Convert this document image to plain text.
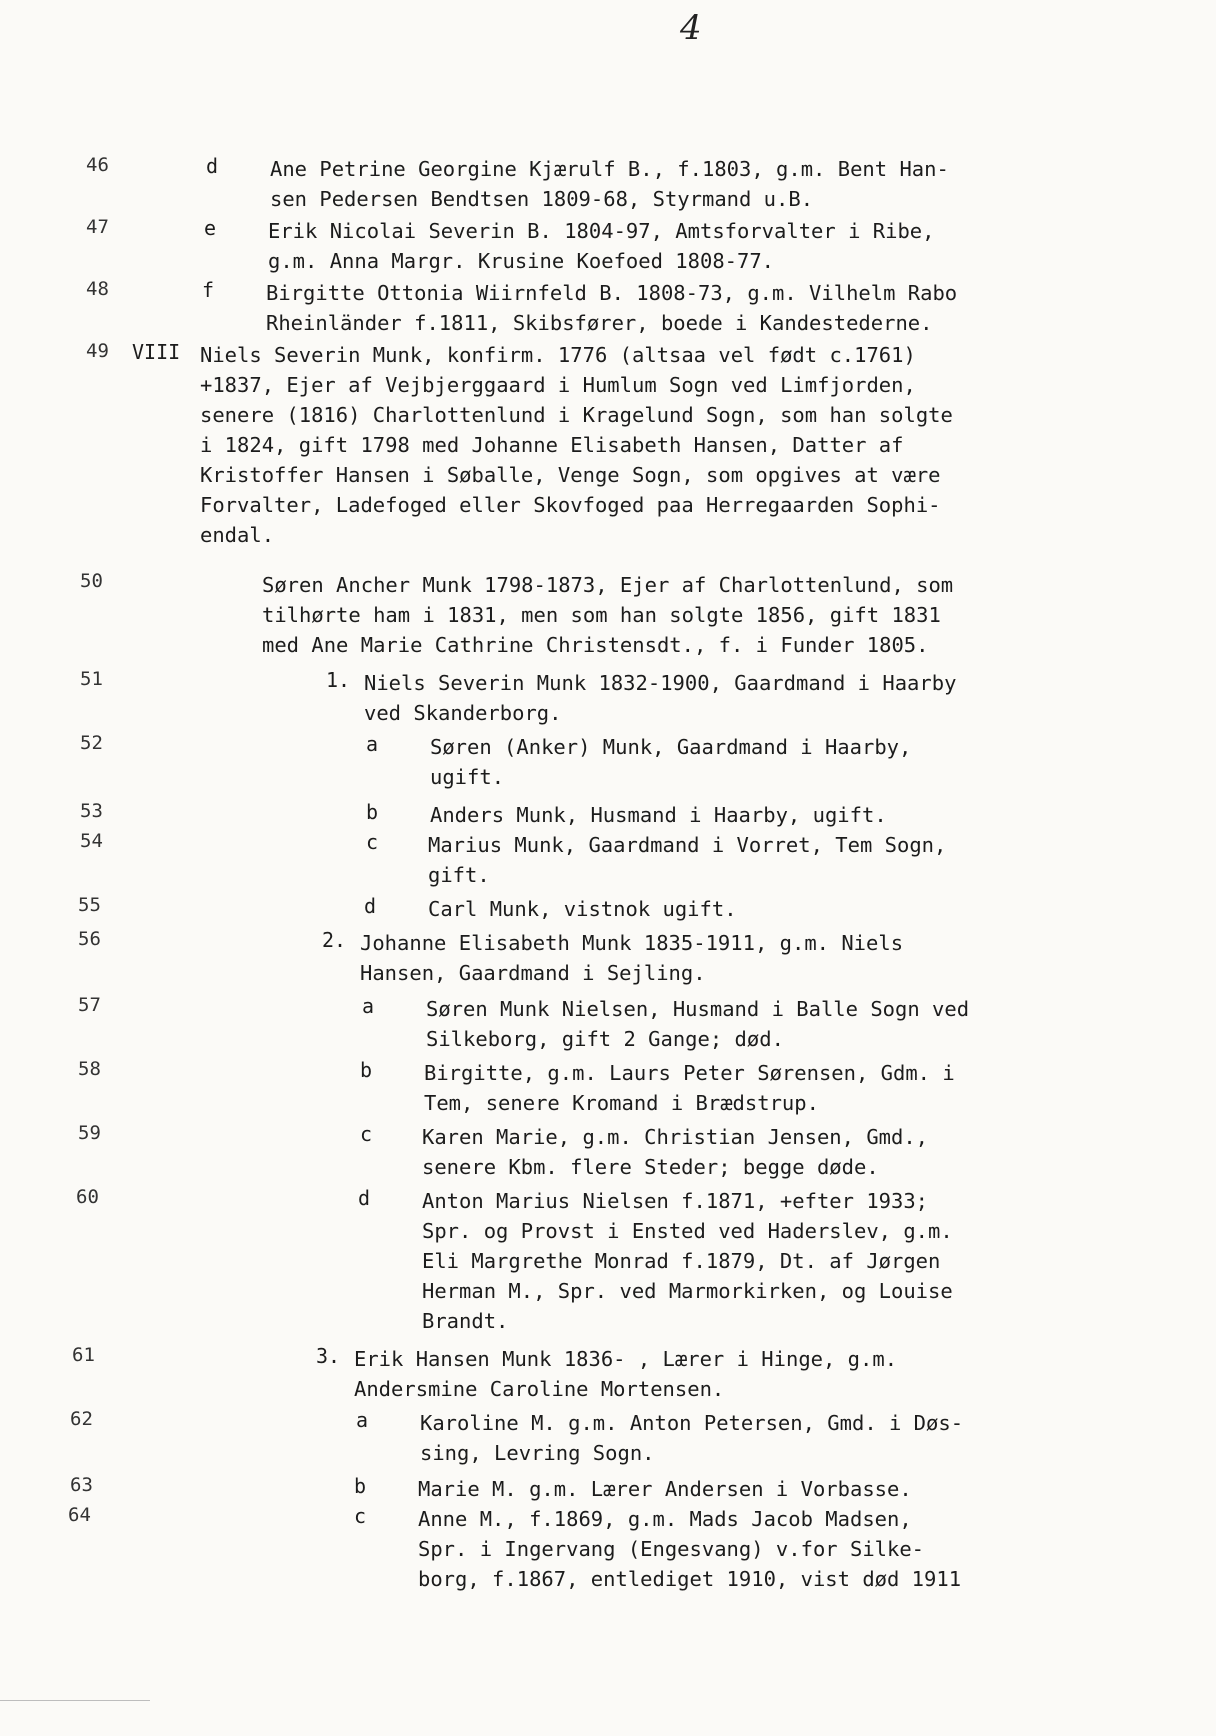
4
46	d	Ane Petrine Georgine Kjærulf B., f.1803, g.m. Bent Han-
sen Pedersen Bendtsen 1809-68, Styrmand u.B.
47	e	Erik Nicolai Severin B. 1804-97, Amtsforvalter i Ribe,
g.m. Anna Margr. Krusine Koefoed 1808-77.
48	f	Birgitte Ottonia Wiirnfeld B. 1808-73, g.m. Vilhelm Rabo
Rheinländer f.1811, Skibsfører, boede i Kandestederne.
49 VIII Niels Severin Munk, konfirm. 1776 (altsaa vel født c.1761)
+1837, Ejer af Vejbjerggaard i Humlum Sogn ved Limfjorden,
senere (1816) Charlottenlund i Kragelund Sogn, som han solgte
i 1824, gift 1798 med Johanne Elisabeth Hansen, Datter af
Kristoffer Hansen i Søballe, Venge Sogn, som opgives at være
Forvalter, Ladefoged eller Skovfoged paa Herregaarden Sophi-
endal.
50	Søren Ancher Munk 1798-1873, Ejer af Charlottenlund, som
tilhørte ham i 1831, men som han solgte 1856, gift 1831
med Ane Marie Cathrine Christensdt., f. i Funder 1805.
51	1. Niels Severin Munk 1832-1900, Gaardmand i Haarby
ved Skanderborg.
52	a	Søren (Anker) Munk, Gaardmand i Haarby,
ugift.
53	b	Anders Munk, Husmand i Haarby, ugift.
54	c Marius Munk, Gaardmand i Vorret, Tem Sogn,
gift.
55	d	Carl Munk, vistnok ugift.
56	2. Johanne Elisabeth Munk 1835-1911, g.m. Niels
Hansen, Gaardmand i Sejling.
57	a	Søren Munk Nielsen, Husmand i Balle Sogn ved
Silkeborg, gift 2 Gange; død.
58	b	Birgitte, g.m. Laurs Peter Sørensen, Gdm. i
Tem, senere Kromand i Brædstrup.
59	c Karen Marie, g.m. Christian Jensen, Gmd.,
senere Kbm. flere Steder; begge døde.
60	d	Anton Marius Nielsen f.1871, +efter 1933;
Spr. og Provst i Ensted ved Haderslev, g.m.
Eli Margrethe Monrad f.1879, Dt. af Jørgen
Herman M., Spr. ved Marmorkirken, og Louise
Brandt.
61	3. Erik Hansen Munk 1836- , Lærer i Hinge, g.m.
Andersmine Caroline Mortensen.
62	a	Karoline M. g.m. Anton Petersen, Gmd. i Døs-
sing, Levring Sogn.
63	b	Marie M. g.m. Lærer Andersen i Vorbasse.
64	c	Anne M., f.1869, g.m. Mads Jacob Madsen,
Spr. i Ingervang (Engesvang) v.for Silke-
borg, f.1867, entlediget 1910, vist død 1911
